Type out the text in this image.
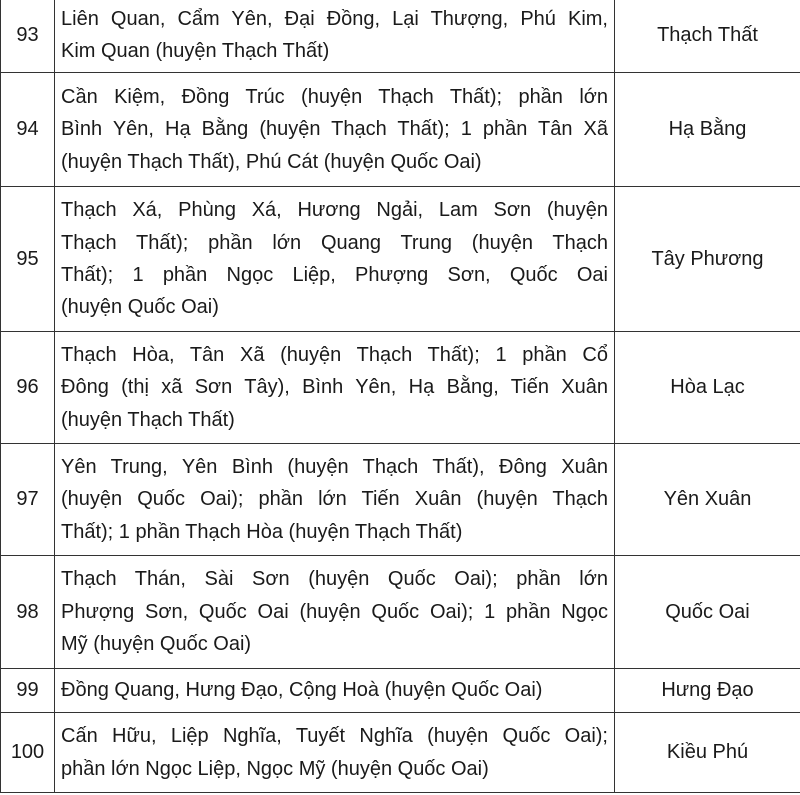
93	Liên Quan, Cẩm Yên, Đại Đồng, Lại Thượng, Phú Kim,
Kim Quan (huyện Thạch Thất)	Thạch Thất
94	Cần Kiệm, Đồng Trúc (huyện Thạch Thất); phần lớn
Bình Yên, Hạ Bằng (huyện Thạch Thất); 1 phần Tân Xã
(huyện Thạch Thất), Phú Cát (huyện Quốc Oai)	Hạ Bằng
95	Thạch Xá, Phùng Xá, Hương Ngải, Lam Sơn (huyện
Thạch Thất); phần lớn Quang Trung (huyện Thạch
Thất); 1 phần Ngọc Liệp, Phượng Sơn, Quốc Oai
(huyện Quốc Oai)	Tây Phương
96	Thạch Hòa, Tân Xã (huyện Thạch Thất); 1 phần Cổ
Đông (thị xã Sơn Tây), Bình Yên, Hạ Bằng, Tiến Xuân
(huyện Thạch Thất)	Hòa Lạc
97	Yên Trung, Yên Bình (huyện Thạch Thất), Đông Xuân
(huyện Quốc Oai); phần lớn Tiến Xuân (huyện Thạch
Thất); 1 phần Thạch Hòa (huyện Thạch Thất)	Yên Xuân
98	Thạch Thán, Sài Sơn (huyện Quốc Oai); phần lớn
Phượng Sơn, Quốc Oai (huyện Quốc Oai); 1 phần Ngọc
Mỹ (huyện Quốc Oai)	Quốc Oai
99	Đồng Quang, Hưng Đạo, Cộng Hoà (huyện Quốc Oai)	Hưng Đạo
100	Cấn Hữu, Liệp Nghĩa, Tuyết Nghĩa (huyện Quốc Oai);
phần lớn Ngọc Liệp, Ngọc Mỹ (huyện Quốc Oai)	Kiều Phú
